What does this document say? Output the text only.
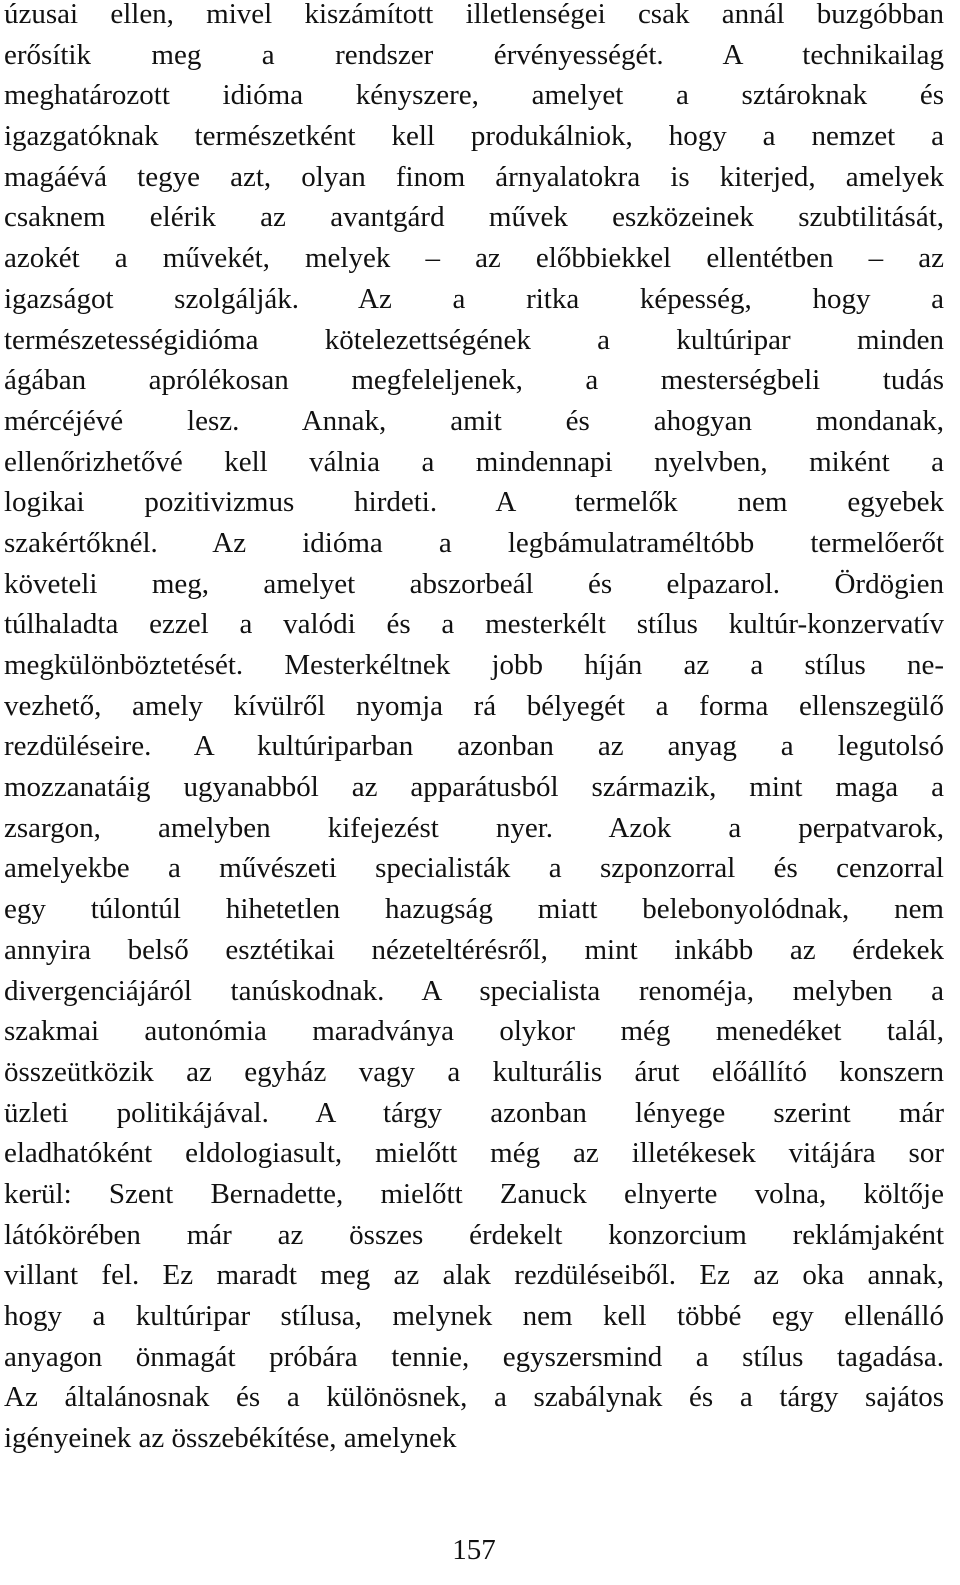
úzusai ellen, mivel kiszámított illetlenségei csak annál buzgóbban
erősítik meg a rendszer érvényességét. A technikailag
meghatározott idióma kényszere, amelyet a sztároknak és
igazgatóknak természetként kell produkálniok, hogy a nemzet a
magáévá tegye azt, olyan finom árnyalatokra is kiterjed, amelyek
csaknem elérik az avantgárd művek eszközeinek szubtilitását,
azokét a művekét, melyek – az előbbiekkel ellentétben – az
igazságot szolgálják. Az a ritka képesség, hogy a
természetességidióma kötelezettségének a kultúripar minden
ágában aprólékosan megfeleljenek, a mesterségbeli tudás
mércéjévé lesz. Annak, amit és ahogyan mondanak,
ellenőrizhetővé kell válnia a mindennapi nyelvben, miként a
logikai pozitivizmus hirdeti. A termelők nem egyebek
szakértőknél. Az idióma a legbámulatraméltóbb termelőerőt
követeli meg, amelyet abszorbeál és elpazarol. Ördögien
túlhaladta ezzel a valódi és a mesterkélt stílus kultúr-konzervatív
megkülönböztetését. Mesterkéltnek jobb híján az a stílus ne-
vezhető, amely kívülről nyomja rá bélyegét a forma ellenszegülő
rezdüléseire. A kultúriparban azonban az anyag a legutolsó
mozzanatáig ugyanabból az apparátusból származik, mint maga a
zsargon, amelyben kifejezést nyer. Azok a perpatvarok,
amelyekbe a művészeti specialisták a szponzorral és cenzorral
egy túlontúl hihetetlen hazugság miatt belebonyolódnak, nem
annyira belső esztétikai nézeteltérésről, mint inkább az érdekek
divergenciájáról tanúskodnak. A specialista renoméja, melyben a
szakmai autonómia maradványa olykor még menedéket talál,
összeütközik az egyház vagy a kulturális árut előállító konszern
üzleti politikájával. A tárgy azonban lényege szerint már
eladhatóként eldologiasult, mielőtt még az illetékesek vitájára sor
kerül: Szent Bernadette, mielőtt Zanuck elnyerte volna, költője
látókörében már az összes érdekelt konzorcium reklámjaként
villant fel. Ez maradt meg az alak rezdüléseiből. Ez az oka annak,
hogy a kultúripar stílusa, melynek nem kell többé egy ellenálló
anyagon önmagát próbára tennie, egyszersmind a stílus tagadása.
Az általánosnak és a különösnek, a szabálynak és a tárgy sajátos
igényeinek az összebékítése, amelynek
157
